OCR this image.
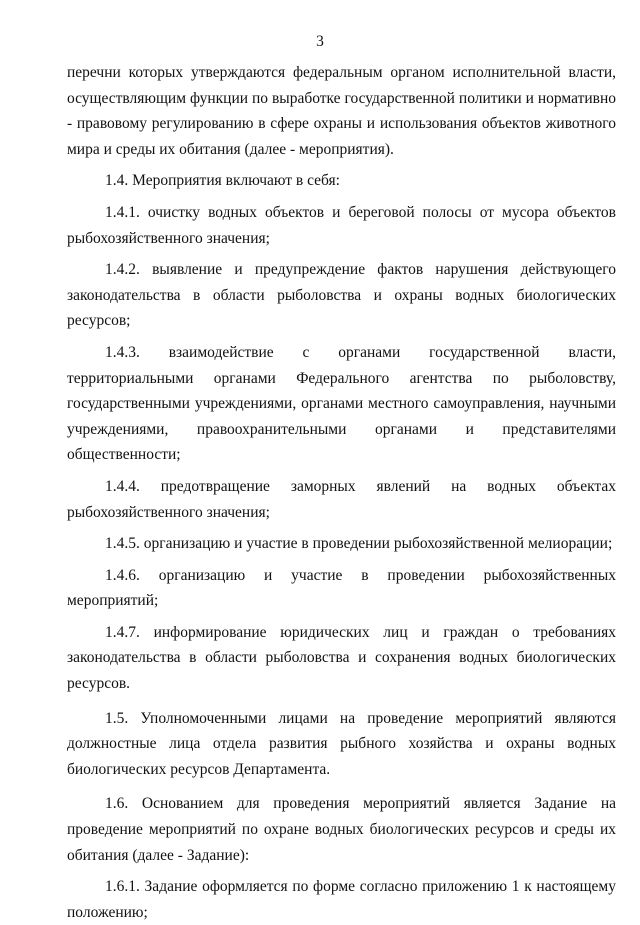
3

перечни которых утверждаются федеральным органом исполнительной власти, осуществляющим функции по выработке государственной политики и нормативно - правовому регулированию в сфере охраны и использования объектов животного мира и среды их обитания (далее - мероприятия).

1.4. Мероприятия включают в себя:

1.4.1. очистку водных объектов и береговой полосы от мусора объектов рыбохозяйственного значения;

1.4.2. выявление и предупреждение фактов нарушения действующего законодательства в области рыболовства и охраны водных биологических ресурсов;

1.4.3. взаимодействие с органами государственной власти, территориальными органами Федерального агентства по рыболовству, государственными учреждениями, органами местного самоуправления, научными учреждениями, правоохранительными органами и представителями общественности;

1.4.4. предотвращение заморных явлений на водных объектах рыбохозяйственного значения;

1.4.5. организацию и участие в проведении рыбохозяйственной мелиорации;

1.4.6. организацию и участие в проведении рыбохозяйственных мероприятий;

1.4.7. информирование юридических лиц и граждан о требованиях законодательства в области рыболовства и сохранения водных биологических ресурсов.

1.5. Уполномоченными лицами на проведение мероприятий являются должностные лица отдела развития рыбного хозяйства и охраны водных биологических ресурсов Департамента.

1.6. Основанием для проведения мероприятий является Задание на проведение мероприятий по охране водных биологических ресурсов и среды их обитания (далее - Задание):

1.6.1. Задание оформляется по форме согласно приложению 1 к настоящему положению;
